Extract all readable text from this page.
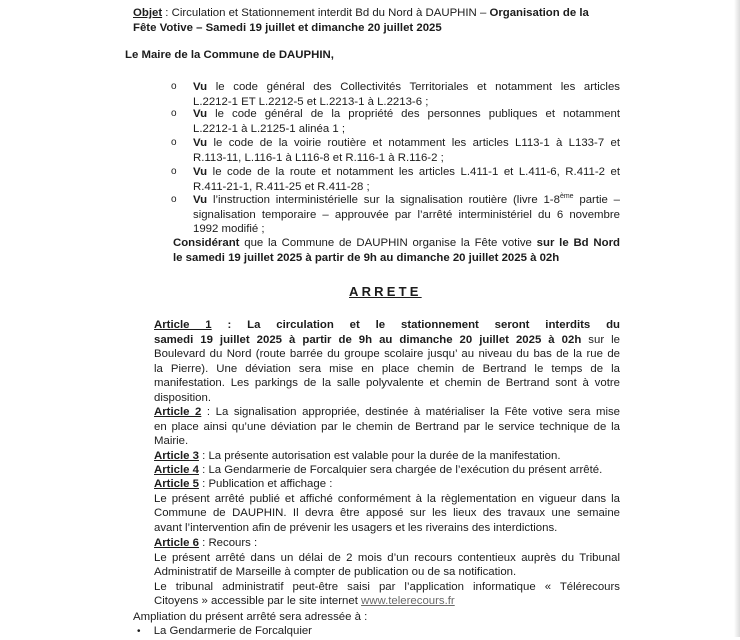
Objet : Circulation et Stationnement interdit Bd du Nord à DAUPHIN – Organisation de la
Fête Votive – Samedi 19 juillet et dimanche 20 juillet 2025
Le Maire de la Commune de DAUPHIN,
o Vu le code général des Collectivités Territoriales et notamment les articles
L.2212-1 ET L.2212-5 et L.2213-1 à L.2213-6 ;
o Vu le code général de la propriété des personnes publiques et notamment
L.2212-1 à L.2125-1 alinéa 1 ;
o Vu le code de la voirie routière et notamment les articles L113-1 à L133-7 et
R.113-11, L.116-1 à L116-8 et R.116-1 à R.116-2 ;
o Vu le code de la route et notamment les articles L.411-1 et L.411-6, R.411-2 et
R.411-21-1, R.411-25 et R.411-28 ;
o Vu l’instruction interministérielle sur la signalisation routière (livre 1-8ème partie –
signalisation temporaire – approuvée par l’arrêté interministériel du 6 novembre
1992 modifié ;
Considérant que la Commune de DAUPHIN organise la Fête votive sur le Bd Nord
le samedi 19 juillet 2025 à partir de 9h au dimanche 20 juillet 2025 à 02h
ARRETE
Article 1 : La circulation et le stationnement seront interdits du
samedi 19 juillet 2025 à partir de 9h au dimanche 20 juillet 2025 à 02h sur le
Boulevard du Nord (route barrée du groupe scolaire jusqu’ au niveau du bas de la rue de
la Pierre). Une déviation sera mise en place chemin de Bertrand le temps de la
manifestation. Les parkings de la salle polyvalente et chemin de Bertrand sont à votre
disposition.
Article 2 : La signalisation appropriée, destinée à matérialiser la Fête votive sera mise
en place ainsi qu’une déviation par le chemin de Bertrand par le service technique de la
Mairie.
Article 3 : La présente autorisation est valable pour la durée de la manifestation.
Article 4 : La Gendarmerie de Forcalquier sera chargée de l’exécution du présent arrêté.
Article 5 : Publication et affichage :
Le présent arrêté publié et affiché conformément à la règlementation en vigueur dans la
Commune de DAUPHIN. Il devra être apposé sur les lieux des travaux une semaine
avant l’intervention afin de prévenir les usagers et les riverains des interdictions.
Article 6 : Recours :
Le présent arrêté dans un délai de 2 mois d’un recours contentieux auprès du Tribunal
Administratif de Marseille à compter de publication ou de sa notification.
Le tribunal administratif peut-être saisi par l’application informatique « Télérecours
Citoyens » accessible par le site internet www.telerecours.fr
Ampliation du présent arrêté sera adressée à :
• La Gendarmerie de Forcalquier
